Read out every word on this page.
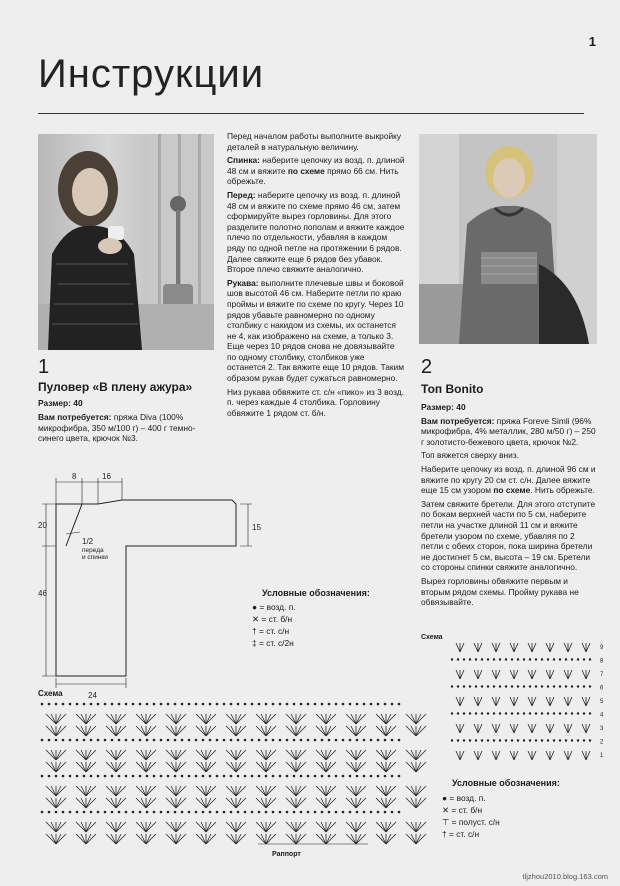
1
Инструкции
1
Пуловер «В плену ажура»
Размер: 40
Вам потребуется: пряжа Diva (100% микрофибра, 350 м/100 г) – 400 г темно-синего цвета, крючок №3.

Перед началом работы выполните выкройку деталей в натуральную величину.

Спинка: наберите цепочку из возд. п. длиной 48 см и вяжите по схеме прямо 66 см. Нить обрежьте.

Перед: наберите цепочку из возд. п. длиной 48 см и вяжите по схеме прямо 46 см, затем сформируйте вырез горловины. Для этого разделите полотно пополам и вяжите каждое плечо по отдельности, убавляя в каждом ряду по одной петле на протяжении 6 рядов. Далее свяжите еще 6 рядов без убавок. Второе плечо свяжите аналогично.

Рукава: выполните плечевые швы и боковой шов высотой 46 см. Наберите петли по краю проймы и вяжите по схеме по кругу. Через 10 рядов убавьте равномерно по одному столбику с накидом из схемы, их останется не 4, как изображено на схеме, а только 3. Еще через 10 рядов снова не довязывайте по одному столбику, столбиков уже останется 2. Так вяжите еще 10 рядов. Таким образом рукав будет сужаться равномерно.

Низ рукава обвяжите ст. с/н «пико» из 3 возд. п. через каждые 4 столбика. Горловину обвяжите 1 рядом ст. б/н.

8	16
20
46
15
24
1/2
переда
и спинки
Условные обозначения:
● = возд. п.
✕ = ст. б/н
† = ст. с/н
‡ = ст. с/2н
Схема
Раппорт
2
Топ Bonito

Размер: 40

Вам потребуется: пряжа Foreve Simli (96% микрофибра, 4% металлик, 280 м/50 г) – 250 г золотисто-бежевого цвета, крючок №2.

Топ вяжется сверху вниз.

Наберите цепочку из возд. п. длиной 96 см и вяжите по кругу 20 см ст. с/н. Далее вяжите еще 15 см узором по схеме. Нить обрежьте.

Затем свяжите бретели. Для этого отступите по бокам верхней части по 5 см, наберите петли на участке длиной 11 см и вяжите бретели узором по схеме, убавляя по 2 петли с обеих сторон, пока ширина бретели не достигнет 5 см, высота – 19 см. Бретели со стороны спинки свяжите аналогично.

Вырез горловины обвяжите первым и вторым рядом схемы. Пройму рукава не обвязывайте.

Схема
9
8
7
6
5
4
3
2
1
Условные обозначения:
● = возд. п.
✕ = ст. б/н
⊤ = полуст. с/н
† = ст. с/н
tljzhou2010.blog.163.com
